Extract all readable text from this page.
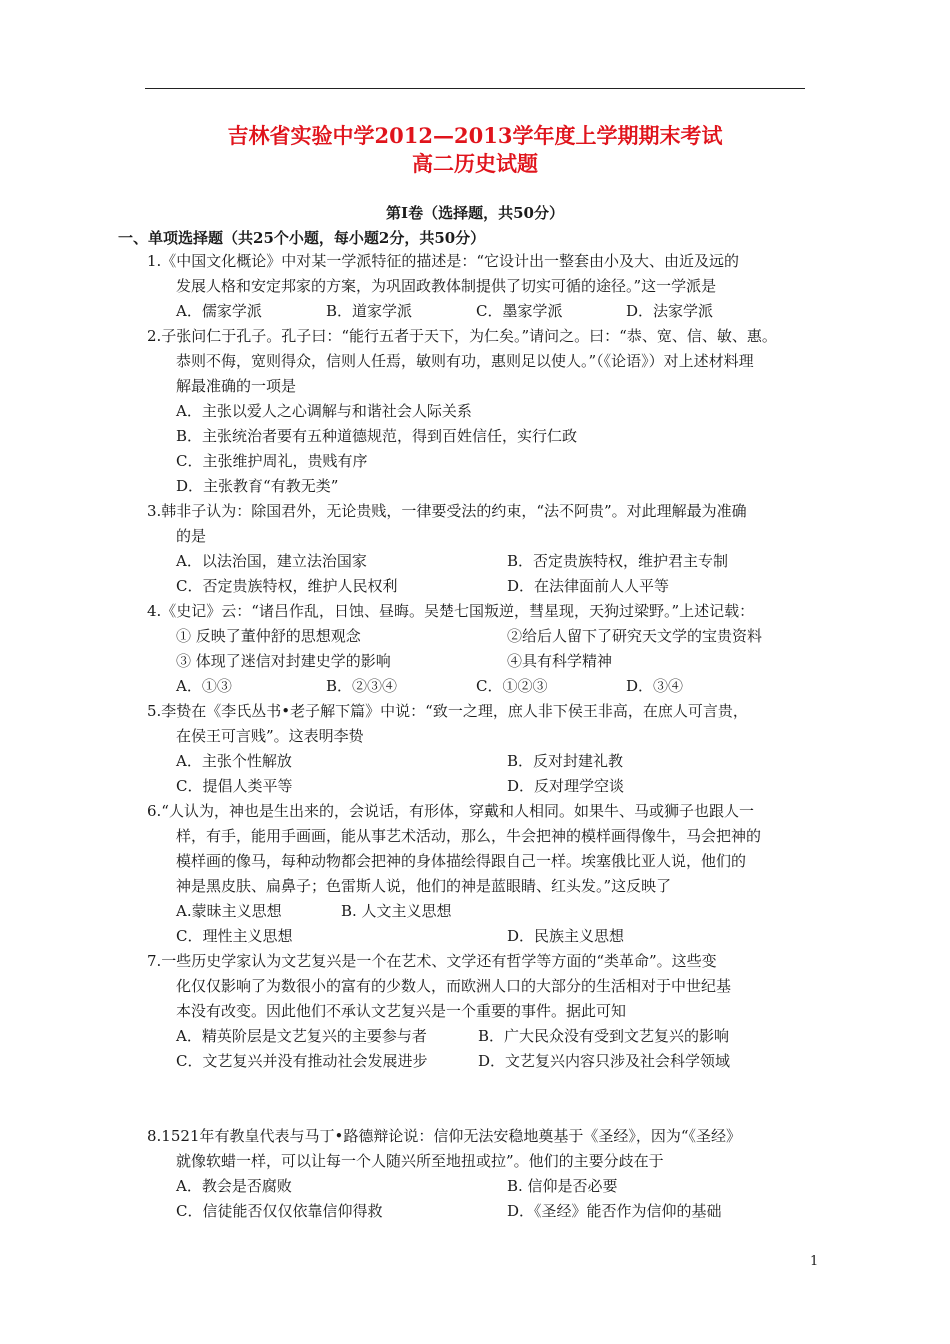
吉林省实验中学2012—2013学年度上学期期末考试
高二历史试题
第Ⅰ卷（选择题，共50分）
一、单项选择题（共25个小题，每小题2分，共50分）
1.《中国文化概论》中对某一学派特征的描述是：“它设计出一整套由小及大、由近及远的
发展人格和安定邦家的方案，为巩固政教体制提供了切实可循的途径。”这一学派是
A．儒家学派	B．道家学派	C．墨家学派	D．法家学派
2.子张问仁于孔子。孔子曰：“能行五者于天下，为仁矣。”请问之。曰：“恭、宽、信、敏、惠。
恭则不侮，宽则得众，信则人任焉，敏则有功，惠则足以使人。”（《论语》）对上述材料理
解最准确的一项是
A．主张以爱人之心调解与和谐社会人际关系
B．主张统治者要有五种道德规范，得到百姓信任，实行仁政
C．主张维护周礼，贵贱有序
D．主张教育“有教无类”
3.韩非子认为：除国君外，无论贵贱，一律要受法的约束，“法不阿贵”。对此理解最为准确
的是
A．以法治国，建立法治国家	B．否定贵族特权，维护君主专制
C．否定贵族特权，维护人民权利	D．在法律面前人人平等
4.《史记》云：“诸吕作乱，日蚀、昼晦。吴楚七国叛逆，彗星现，天狗过梁野。”上述记载：
① 反映了董仲舒的思想观念	②给后人留下了研究天文学的宝贵资料
③ 体现了迷信对封建史学的影响	④具有科学精神
A．①③	B．②③④	C．①②③	D．③④
5.李贽在《李氏丛书•老子解下篇》中说：“致一之理，庶人非下侯王非高，在庶人可言贵，
在侯王可言贱”。这表明李贽
A．主张个性解放	B．反对封建礼教
C．提倡人类平等	D．反对理学空谈
6.“人认为，神也是生出来的，会说话，有形体，穿戴和人相同。如果牛、马或狮子也跟人一
样，有手，能用手画画，能从事艺术活动，那么，牛会把神的模样画得像牛，马会把神的
模样画的像马，每种动物都会把神的身体描绘得跟自己一样。埃塞俄比亚人说，他们的
神是黑皮肤、扁鼻子；色雷斯人说，他们的神是蓝眼睛、红头发。”这反映了
A.蒙昧主义思想	B. 人文主义思想
C．理性主义思想	D．民族主义思想
7.一些历史学家认为文艺复兴是一个在艺术、文学还有哲学等方面的“类革命”。这些变
化仅仅影响了为数很小的富有的少数人，而欧洲人口的大部分的生活相对于中世纪基
本没有改变。因此他们不承认文艺复兴是一个重要的事件。据此可知
A．精英阶层是文艺复兴的主要参与者	B．广大民众没有受到文艺复兴的影响
C．文艺复兴并没有推动社会发展进步	D．文艺复兴内容只涉及社会科学领域
8.1521年有教皇代表与马丁•路德辩论说：信仰无法安稳地奠基于《圣经》，因为“《圣经》
就像软蜡一样，可以让每一个人随兴所至地扭或拉”。他们的主要分歧在于
A．教会是否腐败	B. 信仰是否必要
C．信徒能否仅仅依靠信仰得救	D．《圣经》能否作为信仰的基础
1
